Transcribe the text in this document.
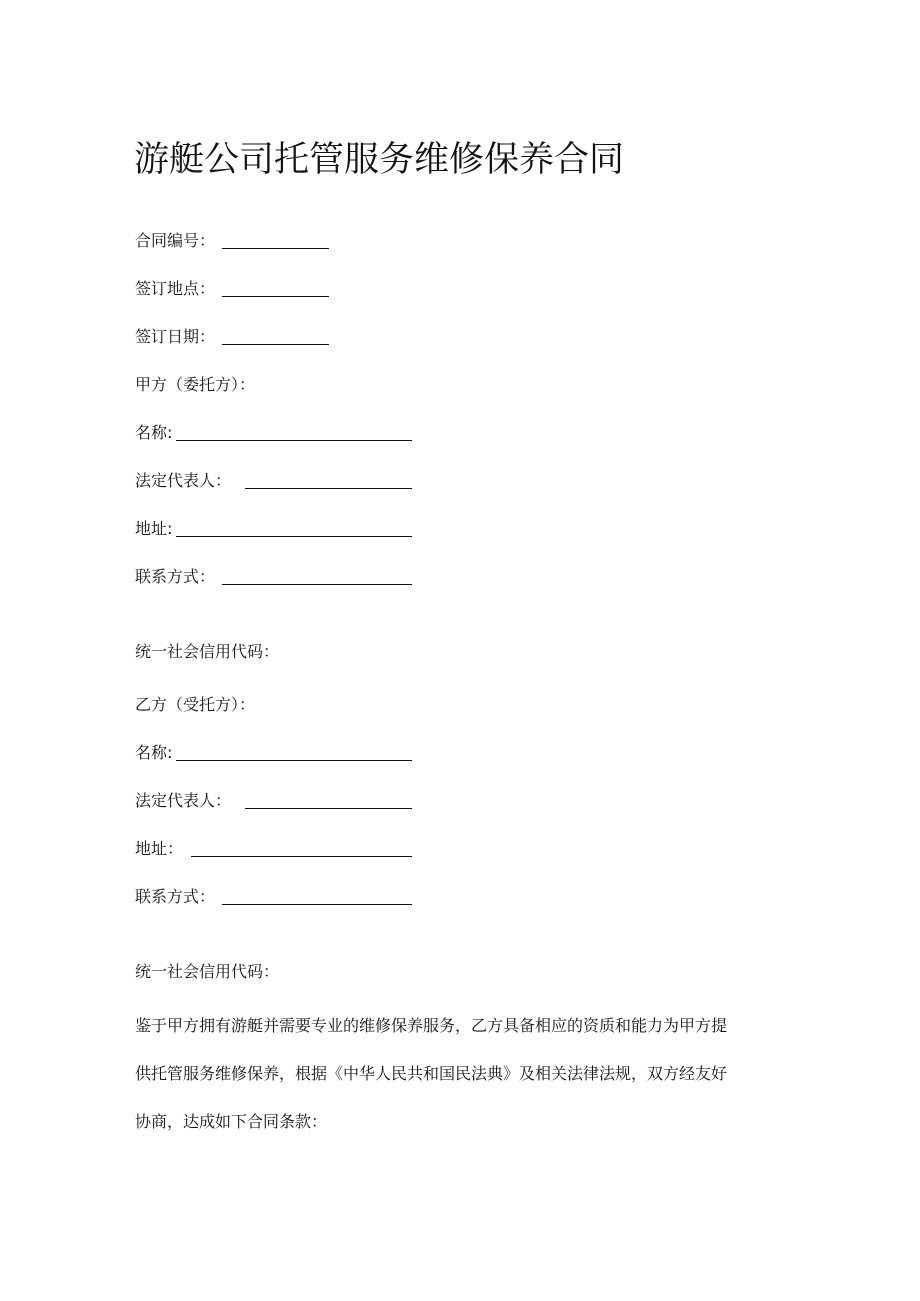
游艇公司托管服务维修保养合同
合同编号：
签订地点：
签订日期：
甲方（委托方）：
名称:
法定代表人：
地址:
联系方式：
统一社会信用代码：
乙方（受托方）：
名称:
法定代表人：
地址：
联系方式：
统一社会信用代码：
鉴于甲方拥有游艇并需要专业的维修保养服务，乙方具备相应的资质和能力为甲方提
供托管服务维修保养，根据《中华人民共和国民法典》及相关法律法规，双方经友好
协商，达成如下合同条款：
